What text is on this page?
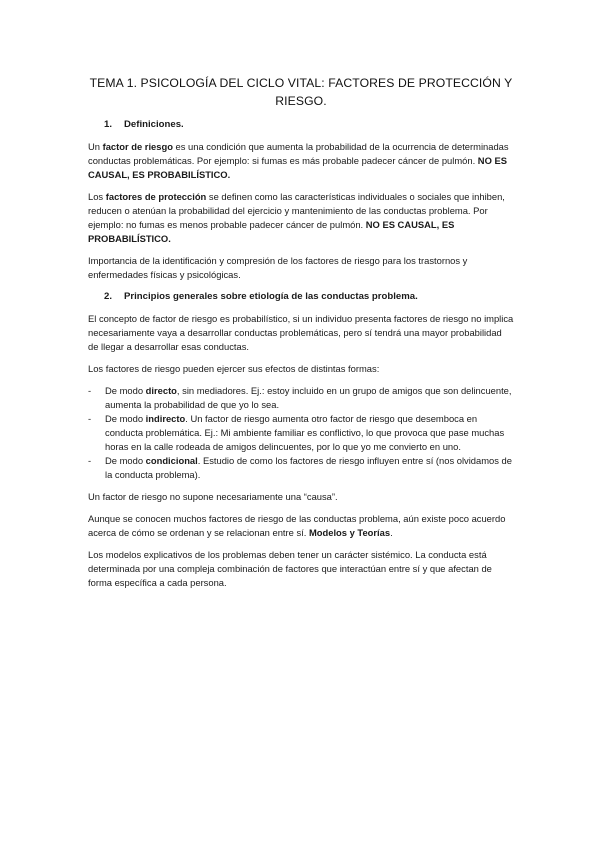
TEMA 1. PSICOLOGÍA DEL CICLO VITAL: FACTORES DE PROTECCIÓN Y RIESGO.
1.	Definiciones.

Un factor de riesgo es una condición que aumenta la probabilidad de la ocurrencia de determinadas conductas problemáticas. Por ejemplo: si fumas es más probable padecer cáncer de pulmón. NO ES CAUSAL, ES PROBABILÍSTICO.

Los factores de protección se definen como las características individuales o sociales que inhiben, reducen o atenúan la probabilidad del ejercicio y mantenimiento de las conductas problema. Por ejemplo: no fumas es menos probable padecer cáncer de pulmón. NO ES CAUSAL, ES PROBABILÍSTICO.

Importancia de la identificación y compresión de los factores de riesgo para los trastornos y enfermedades físicas y psicológicas.

2.	Principios generales sobre etiología de las conductas problema.

El concepto de factor de riesgo es probabilístico, si un individuo presenta factores de riesgo no implica necesariamente vaya a desarrollar conductas problemáticas, pero sí tendrá una mayor probabilidad de llegar a desarrollar esas conductas.

Los factores de riesgo pueden ejercer sus efectos de distintas formas:

-	De modo directo, sin mediadores. Ej.: estoy incluido en un grupo de amigos que son delincuente, aumenta la probabilidad de que yo lo sea.
-	De modo indirecto. Un factor de riesgo aumenta otro factor de riesgo que desemboca en conducta problemática. Ej.: Mi ambiente familiar es conflictivo, lo que provoca que pase muchas horas en la calle rodeada de amigos delincuentes, por lo que yo me convierto en uno.
-	De modo condicional. Estudio de como los factores de riesgo influyen entre sí (nos olvidamos de la conducta problema).

Un factor de riesgo no supone necesariamente una “causa”.

Aunque se conocen muchos factores de riesgo de las conductas problema, aún existe poco acuerdo acerca de cómo se ordenan y se relacionan entre sí. Modelos y Teorías.

Los modelos explicativos de los problemas deben tener un carácter sistémico. La conducta está determinada por una compleja combinación de factores que interactúan entre sí y que afectan de forma específica a cada persona.
